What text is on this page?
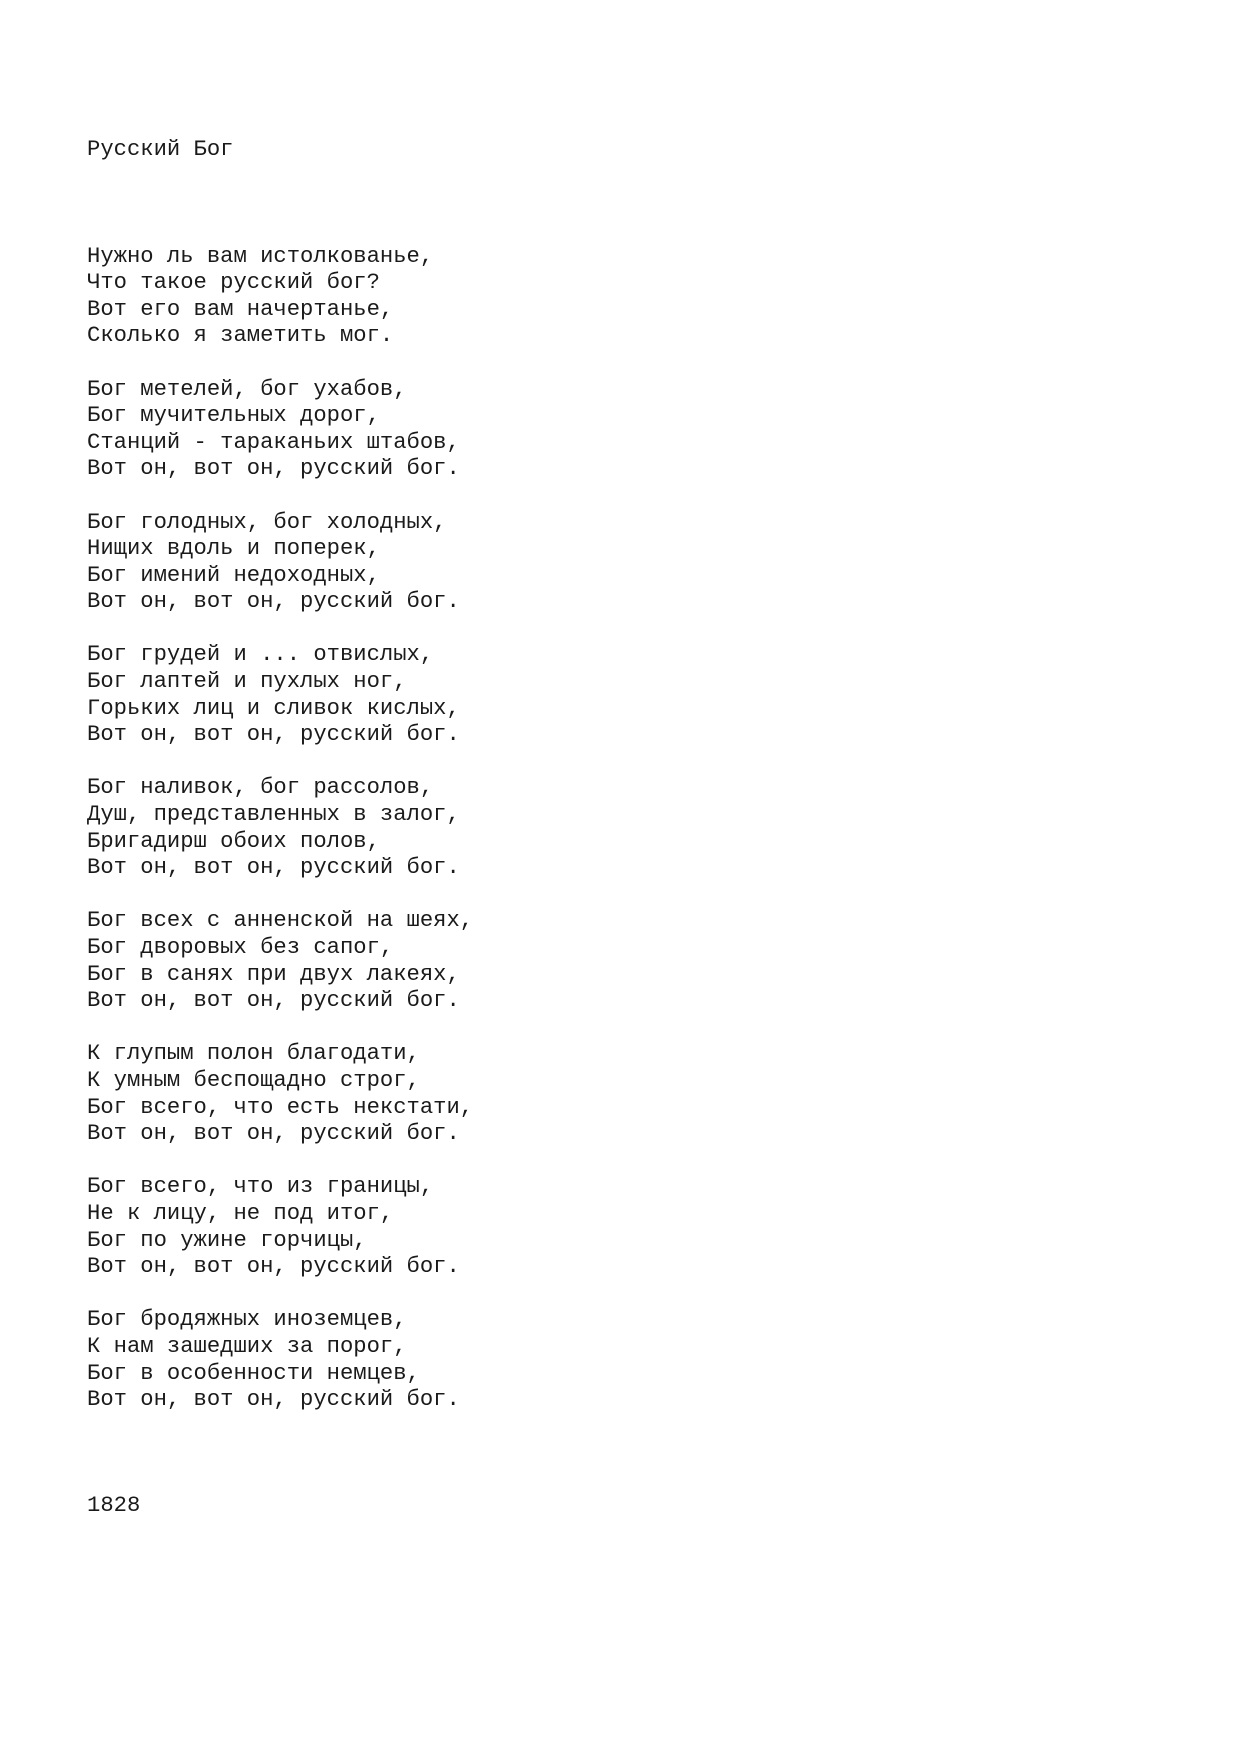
Русский Бог

Нужно ль вам истолкованье,
Что такое русский бог?
Вот его вам начертанье,
Сколько я заметить мог.
Бог метелей, бог ухабов,
Бог мучительных дорог,
Станций - тараканьих штабов,
Вот он, вот он, русский бог.
Бог голодных, бог холодных,
Нищих вдоль и поперек,
Бог имений недоходных,
Вот он, вот он, русский бог.
Бог грудей и ... отвислых,
Бог лаптей и пухлых ног,
Горьких лиц и сливок кислых,
Вот он, вот он, русский бог.
Бог наливок, бог рассолов,
Душ, представленных в залог,
Бригадирш обоих полов,
Вот он, вот он, русский бог.
Бог всех с анненской на шеях,
Бог дворовых без сапог,
Бог в санях при двух лакеях,
Вот он, вот он, русский бог.
К глупым полон благодати,
К умным беспощадно строг,
Бог всего, что есть некстати,
Вот он, вот он, русский бог.
Бог всего, что из границы,
Не к лицу, не под итог,
Бог по ужине горчицы,
Вот он, вот он, русский бог.
Бог бродяжных иноземцев,
К нам зашедших за порог,
Бог в особенности немцев,
Вот он, вот он, русский бог.

1828
